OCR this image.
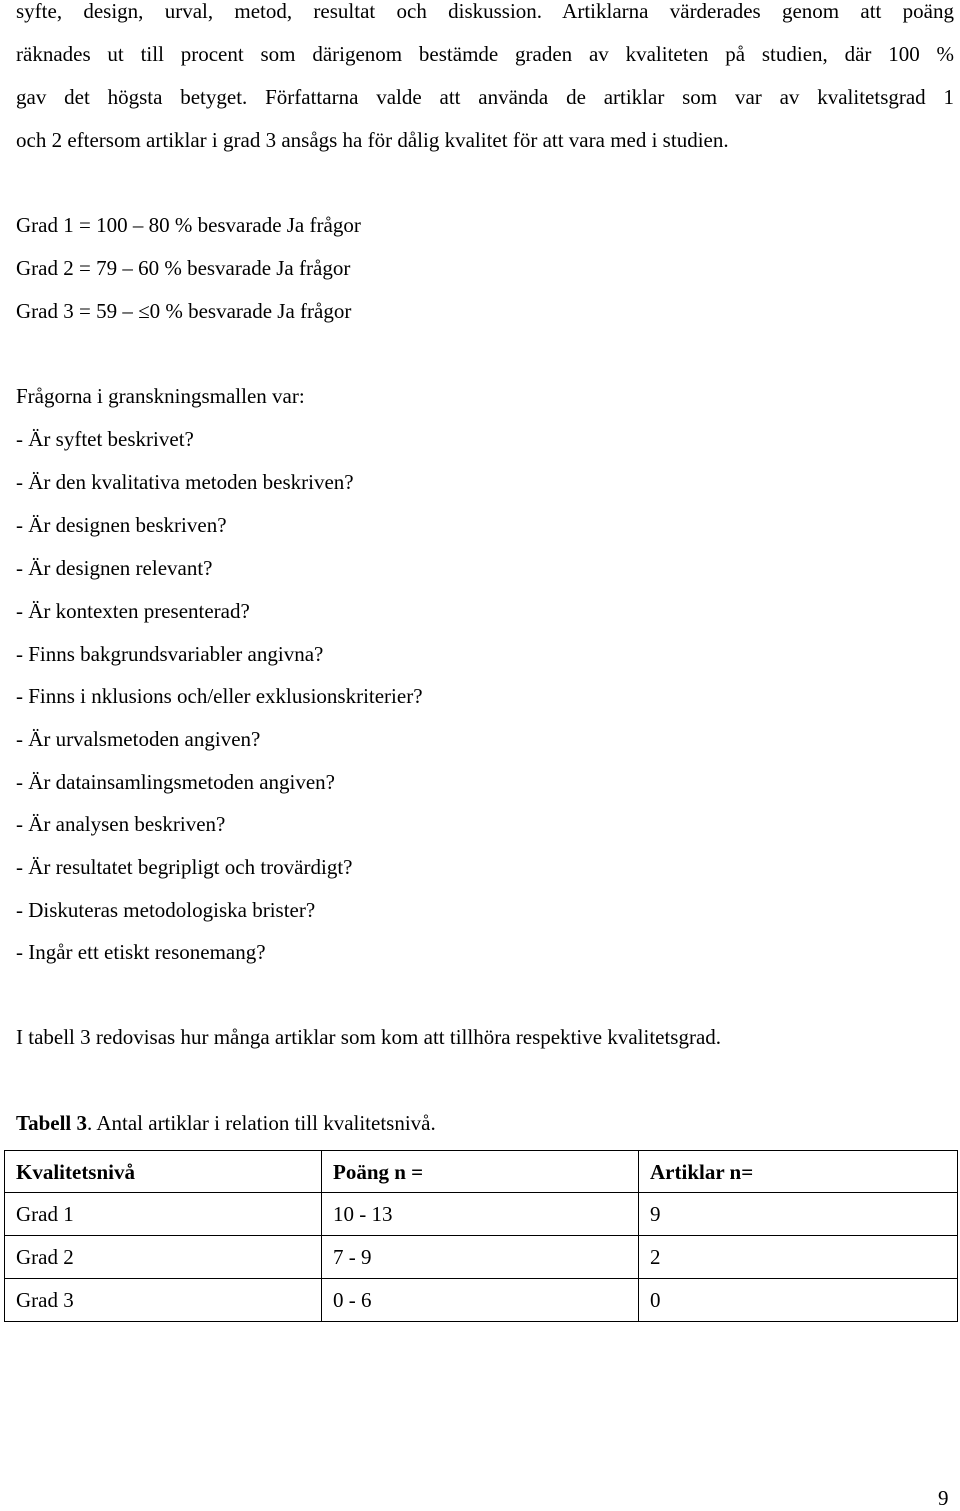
syfte, design, urval, metod, resultat och diskussion. Artiklarna värderades genom att poäng
räknades ut till procent som därigenom bestämde graden av kvaliteten på studien, där 100 %
gav det högsta betyget. Författarna valde att använda de artiklar som var av kvalitetsgrad 1
och 2 eftersom artiklar i grad 3 ansågs ha för dålig kvalitet för att vara med i studien.
Grad 1 = 100 – 80 % besvarade Ja frågor
Grad 2 = 79 – 60 % besvarade Ja frågor
Grad 3 = 59 – ≤0 % besvarade Ja frågor
Frågorna i granskningsmallen var:
- Är syftet beskrivet?
- Är den kvalitativa metoden beskriven?
- Är designen beskriven?
- Är designen relevant?
- Är kontexten presenterad?
- Finns bakgrundsvariabler angivna?
- Finns i nklusions och/eller exklusionskriterier?
- Är urvalsmetoden angiven?
- Är datainsamlingsmetoden angiven?
- Är analysen beskriven?
- Är resultatet begripligt och trovärdigt?
- Diskuteras metodologiska brister?
- Ingår ett etiskt resonemang?
I tabell 3 redovisas hur många artiklar som kom att tillhöra respektive kvalitetsgrad.
Tabell 3. Antal artiklar i relation till kvalitetsnivå.
Kvalitetsnivå	Poäng n =	Artiklar n=
Grad 1	10 - 13	9
Grad 2	7 - 9	2
Grad 3	0 - 6	0
9
